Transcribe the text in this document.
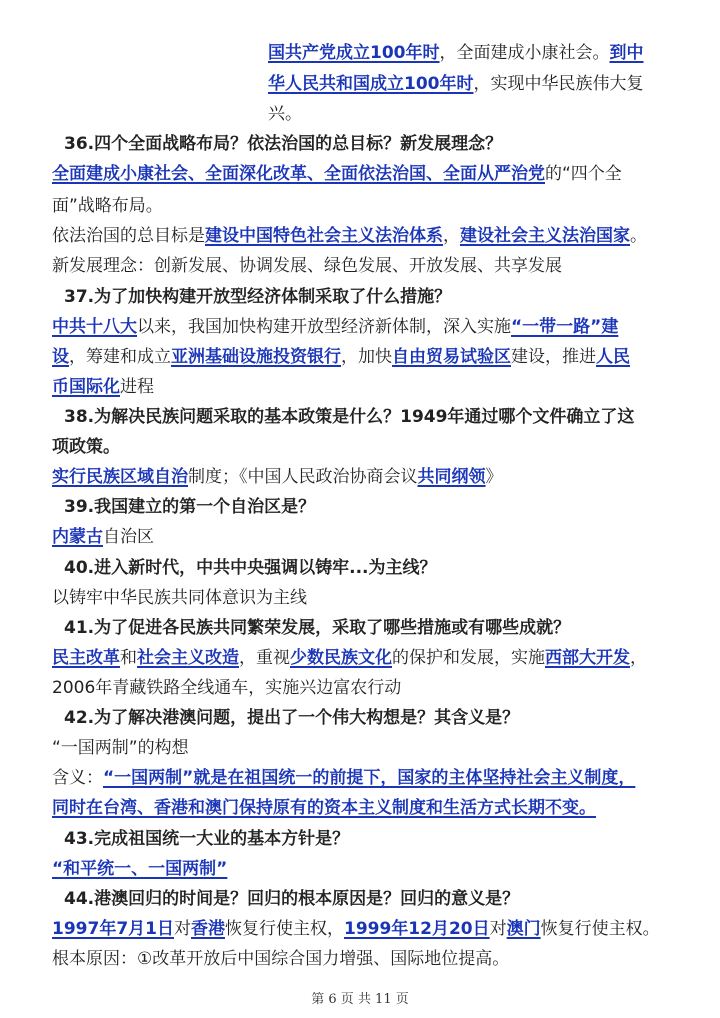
国共产党成立100年时，全面建成小康社会。到中
华人民共和国成立100年时，实现中华民族伟大复
兴。
36.四个全面战略布局？依法治国的总目标？新发展理念？
全面建成小康社会、全面深化改革、全面依法治国、全面从严治党的“四个全
面”战略布局。
依法治国的总目标是建设中国特色社会主义法治体系，建设社会主义法治国家。
新发展理念：创新发展、协调发展、绿色发展、开放发展、共享发展
37.为了加快构建开放型经济体制采取了什么措施？
中共十八大以来，我国加快构建开放型经济新体制，深入实施“一带一路”建
设，筹建和成立亚洲基础设施投资银行，加快自由贸易试验区建设，推进人民
币国际化进程
38.为解决民族问题采取的基本政策是什么？1949年通过哪个文件确立了这
项政策。
实行民族区域自治制度；《中国人民政治协商会议共同纲领》
39.我国建立的第一个自治区是？
内蒙古自治区
40.进入新时代，中共中央强调以铸牢...为主线？
以铸牢中华民族共同体意识为主线
41.为了促进各民族共同繁荣发展，采取了哪些措施或有哪些成就？
民主改革和社会主义改造，重视少数民族文化的保护和发展，实施西部大开发，
2006年青藏铁路全线通车，实施兴边富农行动
42.为了解决港澳问题，提出了一个伟大构想是？其含义是？
“一国两制”的构想
含义：“一国两制”就是在祖国统一的前提下，国家的主体坚持社会主义制度，
同时在台湾、香港和澳门保持原有的资本主义制度和生活方式长期不变。
43.完成祖国统一大业的基本方针是？
“和平统一、一国两制”
44.港澳回归的时间是？回归的根本原因是？回归的意义是？
1997年7月1日对香港恢复行使主权，1999年12月20日对澳门恢复行使主权。
根本原因：①改革开放后中国综合国力增强、国际地位提高。
第 6 页 共 11 页
